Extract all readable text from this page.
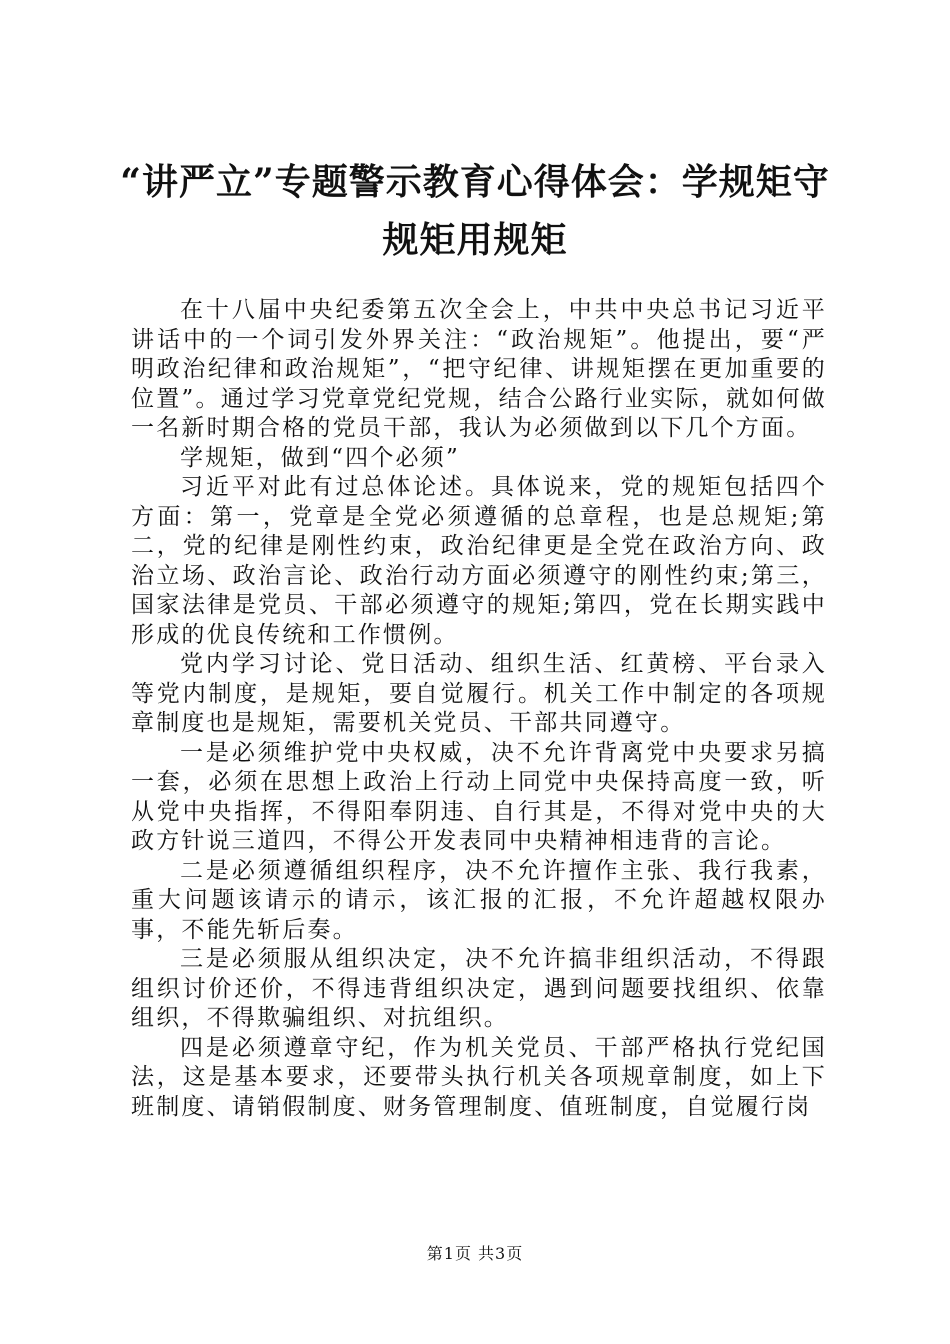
“讲严立”专题警示教育心得体会：学规矩守
规矩用规矩

在十八届中央纪委第五次全会上，中共中央总书记习近平讲话中的一个词引发外界关注：“政治规矩”。他提出，要“严明政治纪律和政治规矩”，“把守纪律、讲规矩摆在更加重要的位置”。通过学习党章党纪党规，结合公路行业实际，就如何做一名新时期合格的党员干部，我认为必须做到以下几个方面。

学规矩，做到“四个必须”

习近平对此有过总体论述。具体说来，党的规矩包括四个方面：第一，党章是全党必须遵循的总章程，也是总规矩;第二，党的纪律是刚性约束，政治纪律更是全党在政治方向、政治立场、政治言论、政治行动方面必须遵守的刚性约束;第三，国家法律是党员、干部必须遵守的规矩;第四，党在长期实践中形成的优良传统和工作惯例。

党内学习讨论、党日活动、组织生活、红黄榜、平台录入等党内制度，是规矩，要自觉履行。机关工作中制定的各项规章制度也是规矩，需要机关党员、干部共同遵守。

一是必须维护党中央权威，决不允许背离党中央要求另搞一套，必须在思想上政治上行动上同党中央保持高度一致，听从党中央指挥，不得阳奉阴违、自行其是，不得对党中央的大政方针说三道四，不得公开发表同中央精神相违背的言论。

二是必须遵循组织程序，决不允许擅作主张、我行我素，重大问题该请示的请示，该汇报的汇报，不允许超越权限办事，不能先斩后奏。

三是必须服从组织决定，决不允许搞非组织活动，不得跟组织讨价还价，不得违背组织决定，遇到问题要找组织、依靠组织，不得欺骗组织、对抗组织。

四是必须遵章守纪，作为机关党员、干部严格执行党纪国法，这是基本要求，还要带头执行机关各项规章制度，如上下班制度、请销假制度、财务管理制度、值班制度，自觉履行岗

第1页 共3页
